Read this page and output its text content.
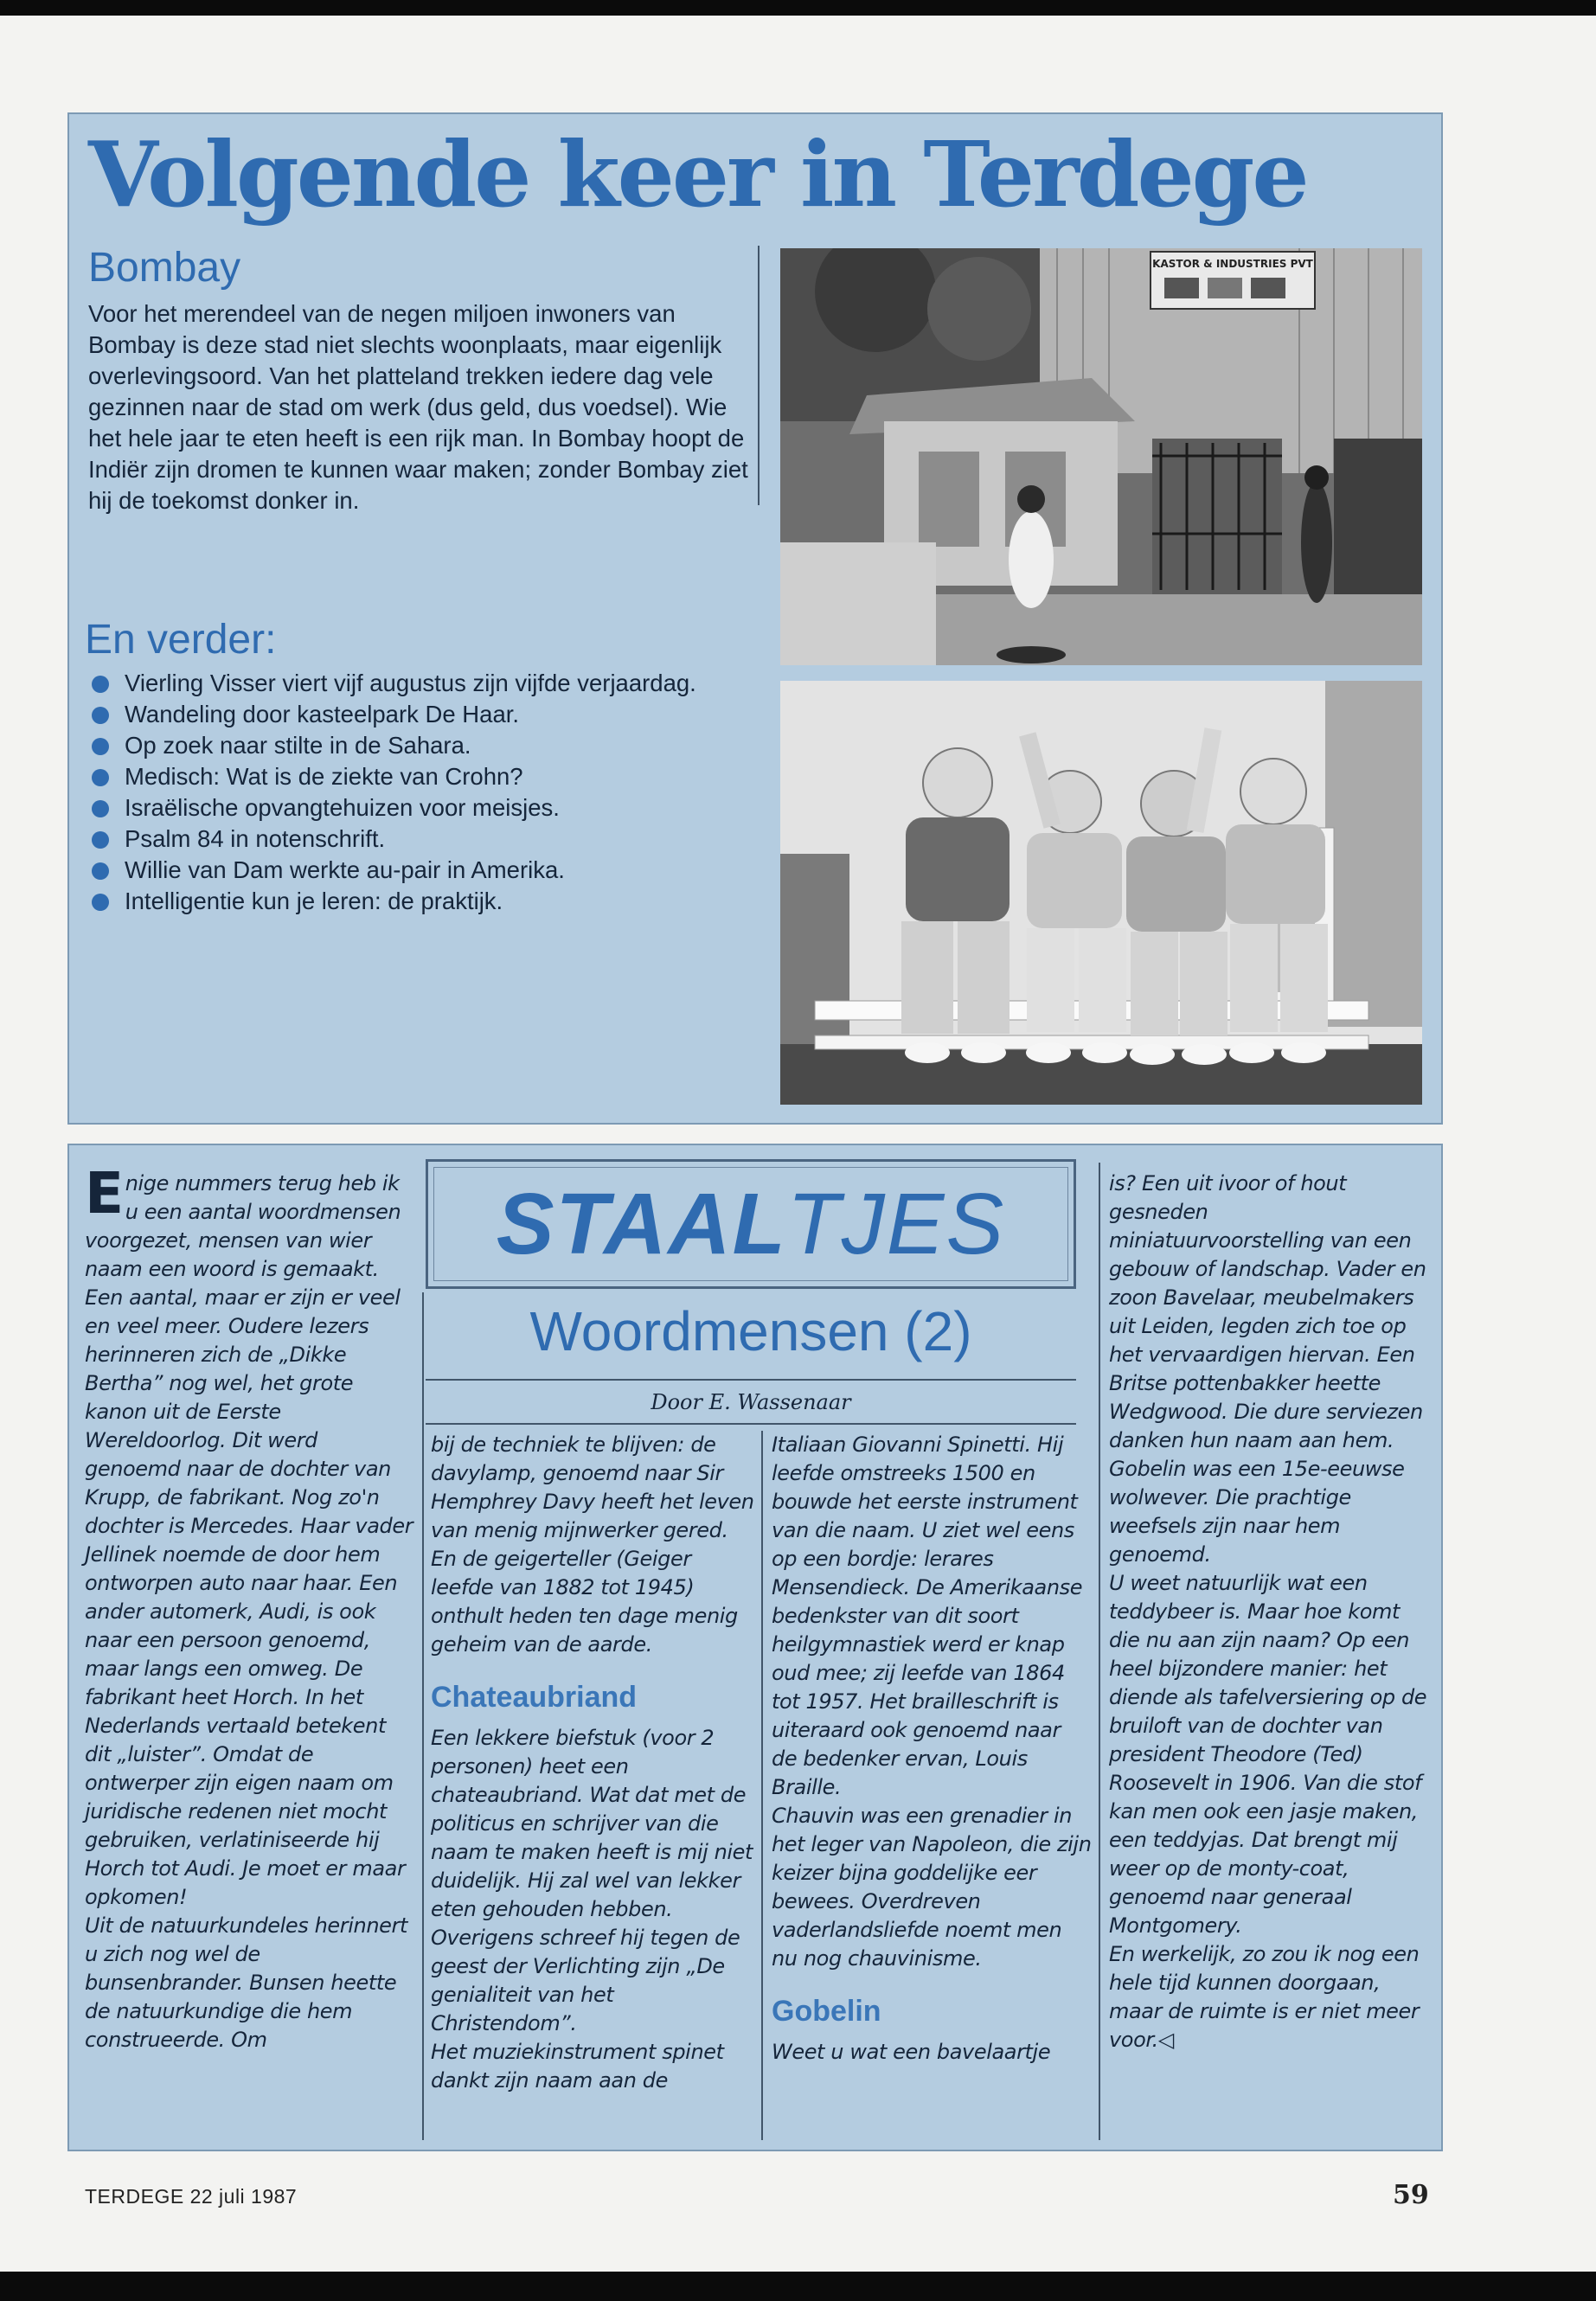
Volgende keer in Terdege
Bombay

Voor het merendeel van de negen miljoen inwoners van Bombay is deze stad niet slechts woonplaats, maar eigenlijk overlevingsoord. Van het platteland trekken iedere dag vele gezinnen naar de stad om werk (dus geld, dus voedsel). Wie het hele jaar te eten heeft is een rijk man. In Bombay hoopt de Indiër zijn dromen te kunnen waar maken; zonder Bombay ziet hij de toekomst donker in.

En verder:
Vierling Visser viert vijf augustus zijn vijfde verjaardag.
Wandeling door kasteelpark De Haar.
Op zoek naar stilte in de Sahara.
Medisch: Wat is de ziekte van Crohn?
Israëlische opvangtehuizen voor meisjes.
Psalm 84 in notenschrift.
Willie van Dam werkte au-pair in Amerika.
Intelligentie kun je leren: de praktijk.
KASTOR & INDUSTRIES PVT

Enige nummers terug heb ik u een aantal woordmensen voorgezet, mensen van wier naam een woord is gemaakt. Een aantal, maar er zijn er veel en veel meer. Oudere lezers herinneren zich de „Dikke Bertha” nog wel, het grote kanon uit de Eerste Wereldoorlog. Dit werd genoemd naar de dochter van Krupp, de fabrikant. Nog zo'n dochter is Mercedes. Haar vader Jellinek noemde de door hem ontworpen auto naar haar. Een ander automerk, Audi, is ook naar een persoon genoemd, maar langs een omweg. De fabrikant heet Horch. In het Nederlands vertaald betekent dit „luister”. Omdat de ontwerper zijn eigen naam om juridische redenen niet mocht gebruiken, verlatiniseerde hij Horch tot Audi. Je moet er maar opkomen!

Uit de natuurkundeles herinnert u zich nog wel de bunsenbrander. Bunsen heette de natuurkundige die hem construeerde. Om

STAALTJES
Woordmensen (2)
Door E. Wassenaar

bij de techniek te blijven: de davylamp, genoemd naar Sir Hemphrey Davy heeft het leven van menig mijnwerker gered. En de geigerteller (Geiger leefde van 1882 tot 1945) onthult heden ten dage menig geheim van de aarde.

Chateaubriand

Een lekkere biefstuk (voor 2 personen) heet een chateaubriand. Wat dat met de politicus en schrijver van die naam te maken heeft is mij niet duidelijk. Hij zal wel van lekker eten gehouden hebben. Overigens schreef hij tegen de geest der Verlichting zijn „De genialiteit van het Christendom”.

Het muziekinstrument spinet dankt zijn naam aan de

Italiaan Giovanni Spinetti. Hij leefde omstreeks 1500 en bouwde het eerste instrument van die naam. U ziet wel eens op een bordje: lerares Mensendieck. De Amerikaanse bedenkster van dit soort heilgymnastiek werd er knap oud mee; zij leefde van 1864 tot 1957. Het brailleschrift is uiteraard ook genoemd naar de bedenker ervan, Louis Braille.

Chauvin was een grenadier in het leger van Napoleon, die zijn keizer bijna goddelijke eer bewees. Overdreven vaderlandsliefde noemt men nu nog chauvinisme.

Gobelin

Weet u wat een bavelaartje

is? Een uit ivoor of hout gesneden miniatuurvoorstelling van een gebouw of landschap. Vader en zoon Bavelaar, meubelmakers uit Leiden, legden zich toe op het vervaardigen hiervan. Een Britse pottenbakker heette Wedgwood. Die dure serviezen danken hun naam aan hem. Gobelin was een 15e-eeuwse wolwever. Die prachtige weefsels zijn naar hem genoemd.

U weet natuurlijk wat een teddybeer is. Maar hoe komt die nu aan zijn naam? Op een heel bijzondere manier: het diende als tafelversiering op de bruiloft van de dochter van president Theodore (Ted) Roosevelt in 1906. Van die stof kan men ook een jasje maken, een teddyjas. Dat brengt mij weer op de monty-coat, genoemd naar generaal Montgomery.

En werkelijk, zo zou ik nog een hele tijd kunnen doorgaan, maar de ruimte is er niet meer voor.◁

TERDEGE 22 juli 1987	59
